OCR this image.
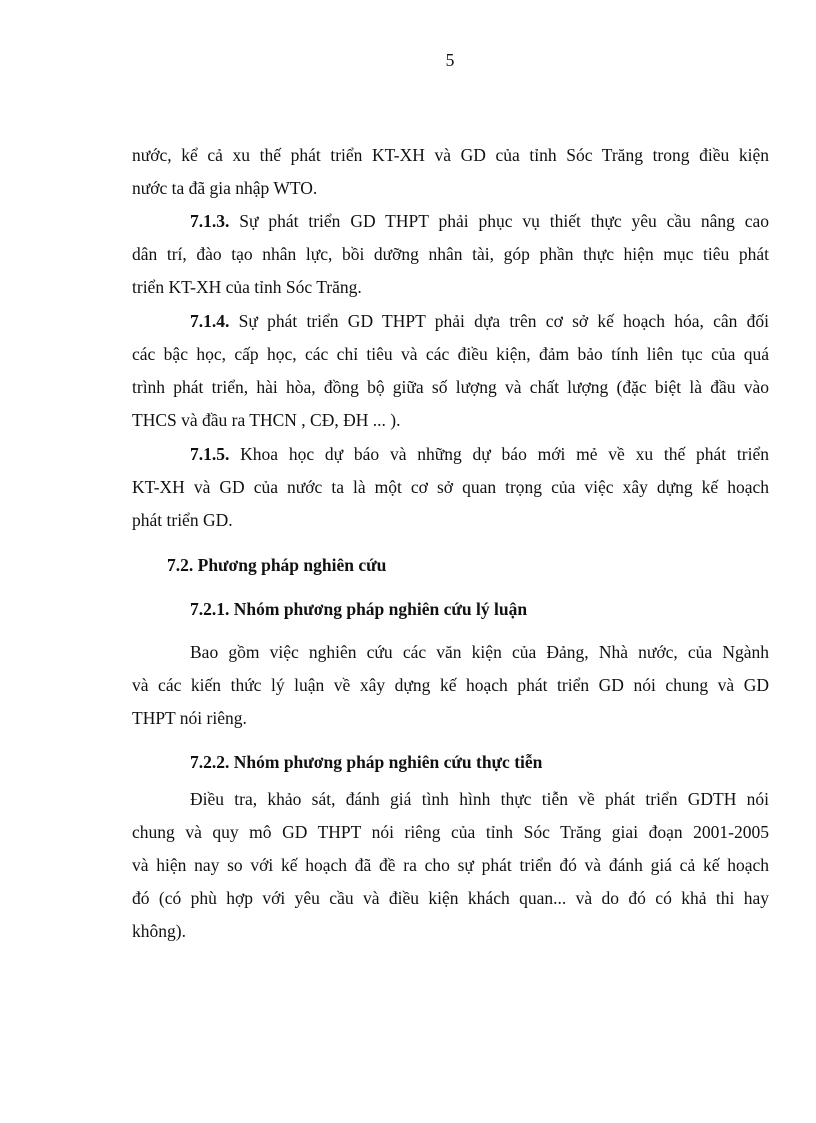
5
nước, kể cả xu thế phát triển KT-XH và GD của tỉnh Sóc Trăng trong điều kiện
nước ta đã gia nhập WTO.
7.1.3. Sự phát triển GD THPT phải phục vụ thiết thực yêu cầu nâng cao
dân trí, đào tạo nhân lực, bồi dưỡng nhân tài, góp phần thực hiện mục tiêu phát
triển KT-XH của tỉnh Sóc Trăng.
7.1.4. Sự phát triển GD THPT phải dựa trên cơ sở kế hoạch hóa, cân đối
các bậc học, cấp học, các chỉ tiêu và các điều kiện, đảm bảo tính liên tục của quá
trình phát triển, hài hòa, đồng bộ giữa số lượng và chất lượng (đặc biệt là đầu vào
THCS và đầu ra THCN , CĐ, ĐH ... ).
7.1.5. Khoa học dự báo và những dự báo mới mẻ về xu thế phát triển
KT-XH và GD của nước ta là một cơ sở quan trọng của việc xây dựng kế hoạch
phát triển GD.
7.2. Phương pháp nghiên cứu
7.2.1. Nhóm phương pháp nghiên cứu lý luận
Bao gồm việc nghiên cứu các văn kiện của Đảng, Nhà nước, của Ngành
và các kiến thức lý luận về xây dựng kế hoạch phát triển GD nói chung và GD
THPT nói riêng.
7.2.2. Nhóm phương pháp nghiên cứu thực tiễn
Điều tra, khảo sát, đánh giá tình hình thực tiễn về phát triển GDTH nói
chung và quy mô GD THPT nói riêng của tỉnh Sóc Trăng giai đoạn 2001-2005
và hiện nay so với kế hoạch đã đề ra cho sự phát triển đó và đánh giá cả kế hoạch
đó (có phù hợp với yêu cầu và điều kiện khách quan... và do đó có khả thi hay
không).
